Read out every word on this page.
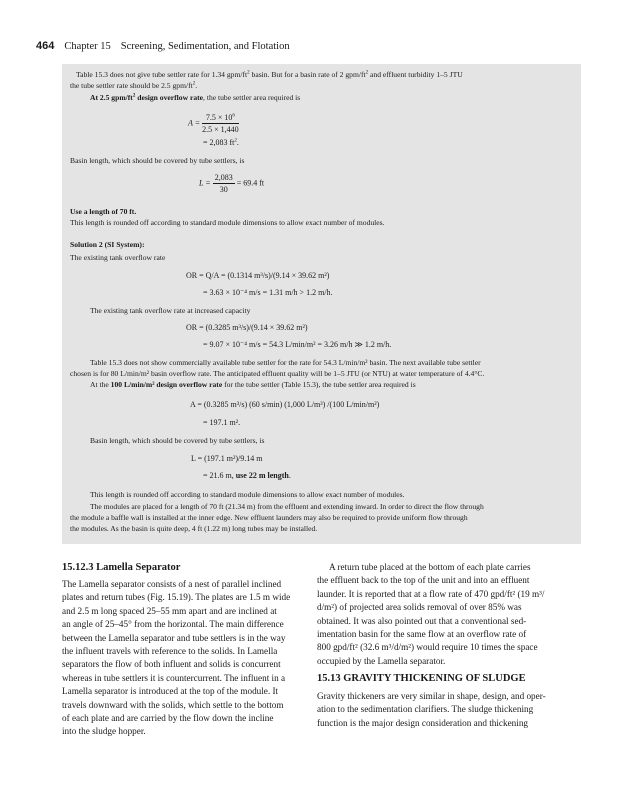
464 Chapter 15 Screening, Sedimentation, and Flotation
Table 15.3 does not give tube settler rate for 1.34 gpm/$ft^2$ basin. But for a basin rate of 2 gpm/$ft^2$ and effluent turbidity 1–5 JTU
the tube settler rate should be 2.5 gpm/$ft^2$.
At 2.5 gpm/$ft^2$ design overflow rate, the tube settler area required is
$A = \frac{7.5 \times 10^6}{2.5 \times 1,440}$
= 2,083 $ft^2$.
Basin length, which should be covered by tube settlers, is
$L = \frac{2,083}{30} = 69.4$ ft
Use a length of 70 ft.
This length is rounded off according to standard module dimensions to allow exact number of modules.
Solution 2 (SI System):
The existing tank overflow rate
OR = Q/A = (0.1314 m³/s)/(9.14 × 39.62 m²)
= 3.63 × 10⁻⁴ m/s = 1.31 m/h > 1.2 m/h.
The existing tank overflow rate at increased capacity
OR = (0.3285 m³/s)/(9.14 × 39.62 m²)
= 9.07 × 10⁻⁴ m/s = 54.3 L/min/m² = 3.26 m/h ≫ 1.2 m/h.
Table 15.3 does not show commercially available tube settler for the rate for 54.3 L/min/m² basin. The next available tube settler
chosen is for 80 L/min/m² basin overflow rate. The anticipated effluent quality will be 1–5 JTU (or NTU) at water temperature of 4.4°C.
At the 100 L/min/m² design overflow rate for the tube settler (Table 15.3), the tube settler area required is
A = (0.3285 m³/s) (60 s/min) (1,000 L/m³) /(100 L/min/m²)
= 197.1 m².
Basin length, which should be covered by tube settlers, is
L = (197.1 m²)/9.14 m
= 21.6 m, use 22 m length.
This length is rounded off according to standard module dimensions to allow exact number of modules.
The modules are placed for a length of 70 ft (21.34 m) from the effluent and extending inward. In order to direct the flow through
the module a baffle wall is installed at the inner edge. New effluent launders may also be required to provide uniform flow through
the modules. As the basin is quite deep, 4 ft (1.22 m) long tubes may be installed.
15.12.3 Lamella Separator
The Lamella separator consists of a nest of parallel inclined
plates and return tubes (Fig. 15.19). The plates are 1.5 m wide
and 2.5 m long spaced 25–55 mm apart and are inclined at
an angle of 25–45° from the horizontal. The main difference
between the Lamella separator and tube settlers is in the way
the influent travels with reference to the solids. In Lamella
separators the flow of both influent and solids is concurrent
whereas in tube settlers it is countercurrent. The influent in a
Lamella separator is introduced at the top of the module. It
travels downward with the solids, which settle to the bottom
of each plate and are carried by the flow down the incline
into the sludge hopper.
A return tube placed at the bottom of each plate carries
the effluent back to the top of the unit and into an effluent
launder. It is reported that at a flow rate of 470 gpd/ft² (19 m³/
d/m²) of projected area solids removal of over 85% was
obtained. It was also pointed out that a conventional sed-
imentation basin for the same flow at an overflow rate of
800 gpd/ft² (32.6 m³/d/m²) would require 10 times the space
occupied by the Lamella separator.
15.13 GRAVITY THICKENING OF SLUDGE
Gravity thickeners are very similar in shape, design, and oper-
ation to the sedimentation clarifiers. The sludge thickening
function is the major design consideration and thickening
